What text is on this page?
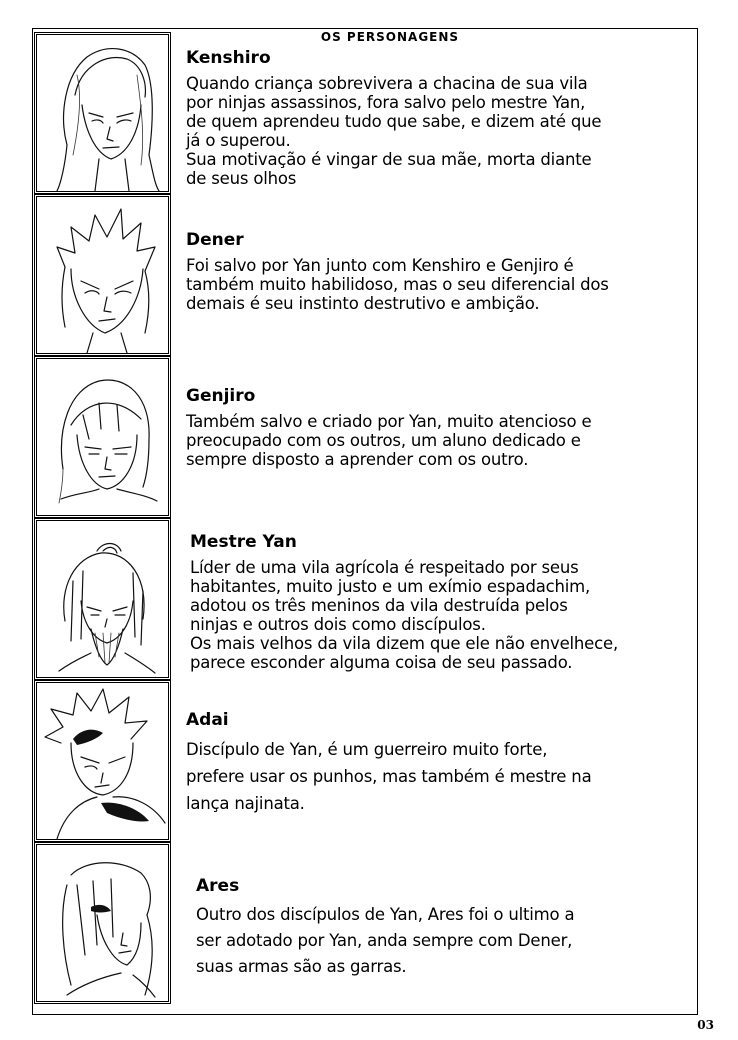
OS PERSONAGENS
Kenshiro

Quando criança sobrevivera a chacina de sua vila
por ninjas assassinos, fora salvo pelo mestre Yan,
de quem aprendeu tudo que sabe, e dizem até que
já o superou.
Sua motivação é vingar de sua mãe, morta diante
de seus olhos

Dener

Foi salvo por Yan junto com Kenshiro e Genjiro é
também muito habilidoso, mas o seu diferencial dos
demais é seu instinto destrutivo e ambição.

Genjiro

Também salvo e criado por Yan, muito atencioso e
preocupado com os outros, um aluno dedicado e
sempre disposto a aprender com os outro.

Mestre Yan

Líder de uma vila agrícola é respeitado por seus
habitantes, muito justo e um exímio espadachim,
adotou os três meninos da vila destruída pelos
ninjas e outros dois como discípulos.
Os mais velhos da vila dizem que ele não envelhece,
parece esconder alguma coisa de seu passado.

Adai

Discípulo de Yan, é um guerreiro muito forte,
prefere usar os punhos, mas também é mestre na
lança najinata.

Ares

Outro dos discípulos de Yan, Ares foi o ultimo a
ser adotado por Yan, anda sempre com Dener,
suas armas são as garras.

03
